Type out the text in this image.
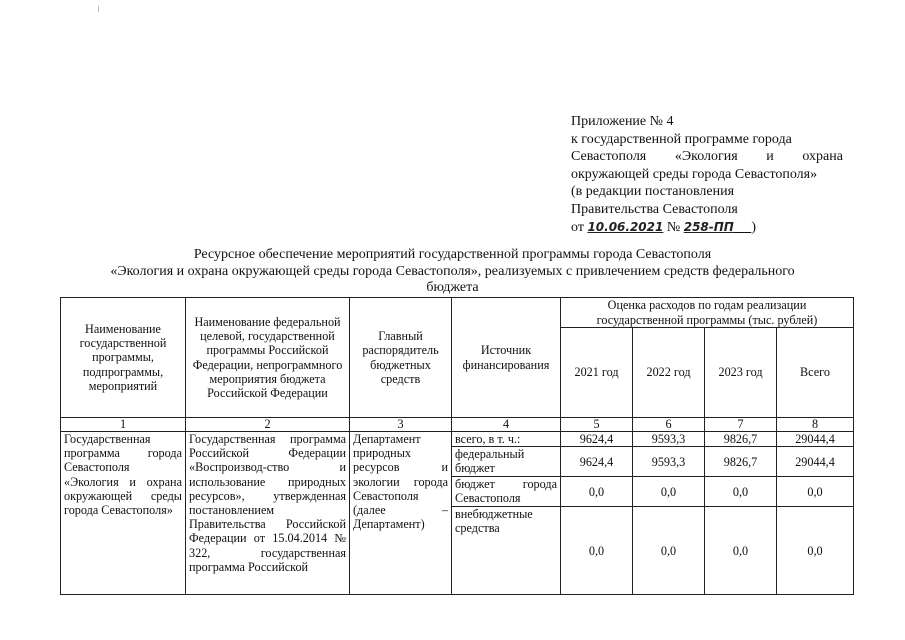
Приложение № 4
к государственной программе города
Севастополя «Экология и охрана
окружающей среды города Севастополя»
(в редакции постановления
Правительства Севастополя
от 10.06.2021 № 258-ПП )
Ресурсное обеспечение мероприятий государственной программы города Севастополя
«Экология и охрана окружающей среды города Севастополя», реализуемых с привлечением средств федерального
бюджета
Наименование государственной программы, подпрограммы, мероприятий	Наименование федеральной целевой, государственной программы Российской Федерации, непрограммного мероприятия бюджета Российской Федерации	Главный распорядитель бюджетных средств	Источник финансирования	Оценка расходов по годам реализации государственной программы (тыс. рублей)			
				2021 год	2022 год	2023 год	Всего
1	2	3	4	5	6	7	8
Государственная программа города Севастополя «Экология и охрана окружающей среды города Севастополя»	Государственная программа Российской Федерации «Воспроизвод-ство и использование природных ресурсов», утвержденная постановлением Правительства Российской Федерации от 15.04.2014 № 322, государственная программа Российской	Департамент природных ресурсов и экологии города Севастополя (далее – Департамент)	всего, в т. ч.:	9624,4	9593,3	9826,7	29044,4
			федеральный бюджет	9624,4	9593,3	9826,7	29044,4
			бюджет города Севастополя	0,0	0,0	0,0	0,0
			внебюджетные средства	0,0	0,0	0,0	0,0
